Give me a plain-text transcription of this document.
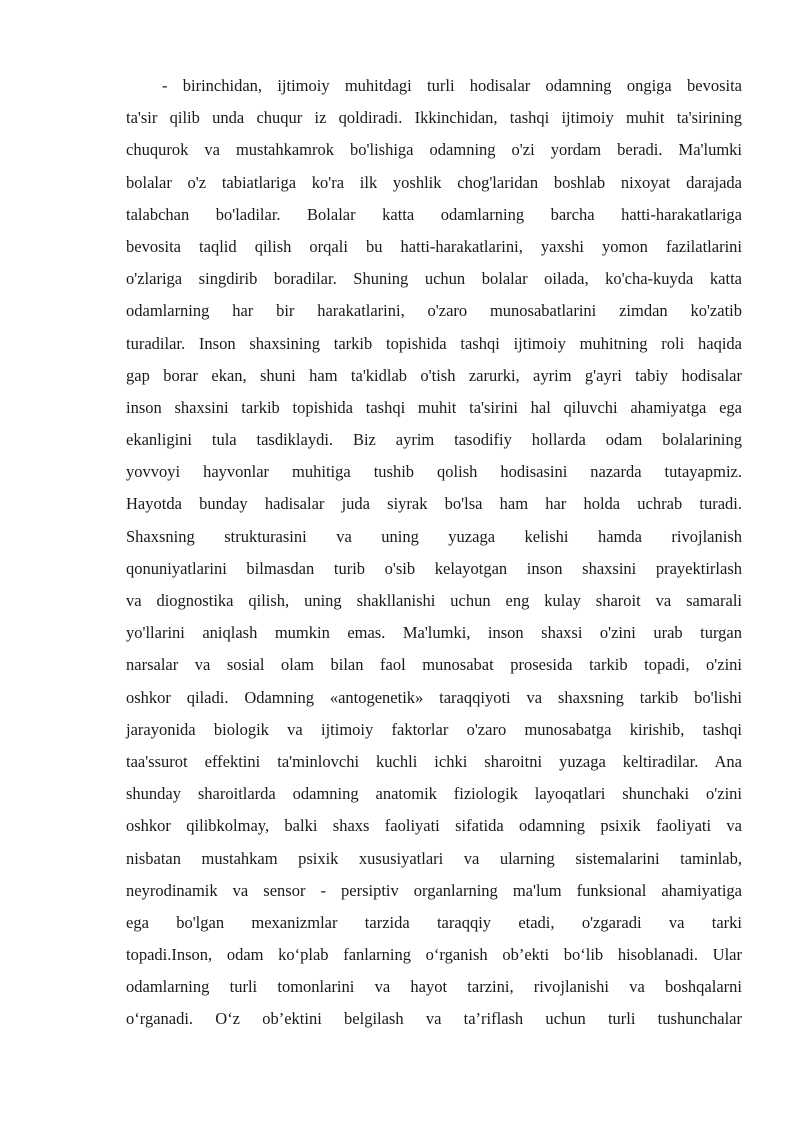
- birinchidan, ijtimoiy muhitdagi turli hodisalar odamning ongiga bevosita
ta'sir qilib unda chuqur iz qoldiradi. Ikkinchidan, tashqi ijtimoiy muhit ta'sirining
chuqurok va mustahkamrok bo'lishiga odamning o'zi yordam beradi. Ma'lumki
bolalar o'z tabiatlariga ko'ra ilk yoshlik chog'laridan boshlab nixoyat darajada
talabchan bo'ladilar. Bolalar katta odamlarning barcha hatti-harakatlariga
bevosita taqlid qilish orqali bu hatti-harakatlarini, yaxshi yomon fazilatlarini
o'zlariga singdirib boradilar. Shuning uchun bolalar oilada, ko'cha-kuyda katta
odamlarning har bir harakatlarini, o'zaro munosabatlarini zimdan ko'zatib
turadilar. Inson shaxsining tarkib topishida tashqi ijtimoiy muhitning roli haqida
gap borar ekan, shuni ham ta'kidlab o'tish zarurki, ayrim g'ayri tabiy hodisalar
inson shaxsini tarkib topishida tashqi muhit ta'sirini hal qiluvchi ahamiyatga ega
ekanligini tula tasdiklaydi. Biz ayrim tasodifiy hollarda odam bolalarining
yovvoyi hayvonlar muhitiga tushib qolish hodisasini nazarda tutayapmiz.
Hayotda bunday hadisalar juda siyrak bo'lsa ham har holda uchrab turadi.
Shaxsning strukturasini va uning yuzaga kelishi hamda rivojlanish
qonuniyatlarini bilmasdan turib o'sib kelayotgan inson shaxsini prayektirlash
va diognostika qilish, uning shakllanishi uchun eng kulay sharoit va samarali
yo'llarini aniqlash mumkin emas. Ma'lumki, inson shaxsi o'zini urab turgan
narsalar va sosial olam bilan faol munosabat prosesida tarkib topadi, o'zini
oshkor qiladi. Odamning «antogenetik» taraqqiyoti va shaxsning tarkib bo'lishi
jarayonida biologik va ijtimoiy faktorlar o'zaro munosabatga kirishib, tashqi
taa'ssurot effektini ta'minlovchi kuchli ichki sharoitni yuzaga keltiradilar. Ana
shunday sharoitlarda odamning anatomik fiziologik layoqatlari shunchaki o'zini
oshkor qilibkolmay, balki shaxs faoliyati sifatida odamning psixik faoliyati va
nisbatan mustahkam psixik xususiyatlari va ularning sistemalarini taminlab,
neyrodinamik va sensor - persiptiv organlarning ma'lum funksional ahamiyatiga
ega bo'lgan mexanizmlar tarzida taraqqiy etadi, o'zgaradi va tarki
topadi.Inson, odam ko‘plab fanlarning o‘rganish ob’ekti bo‘lib hisoblanadi. Ular
odamlarning turli tomonlarini va hayot tarzini, rivojlanishi va boshqalarni
o‘rganadi. O‘z ob’ektini belgilash va ta’riflash uchun turli tushunchalar
